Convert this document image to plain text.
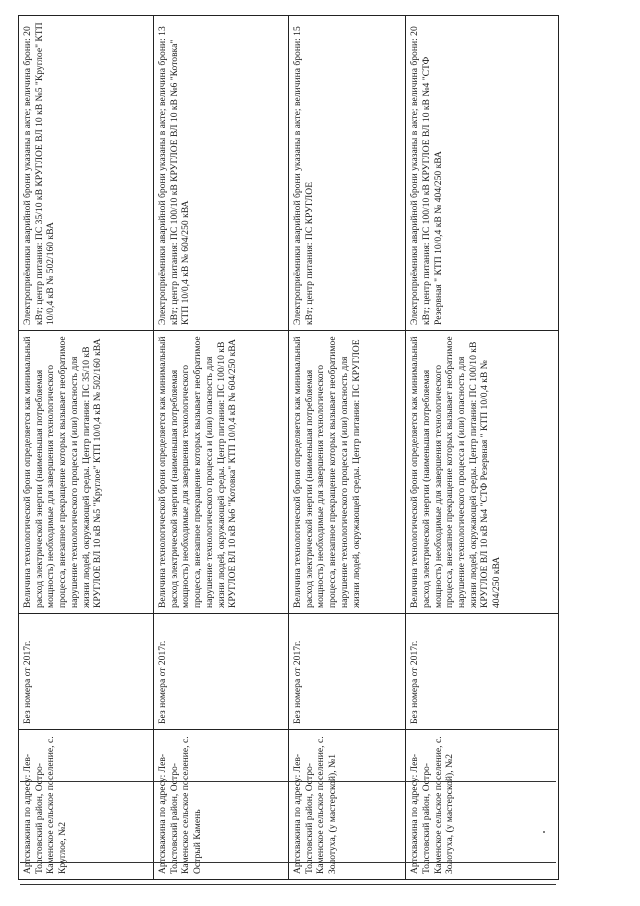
Артскважина по адресу: Лев-Толстовский район, Остро-Каменское сельское поселение, с. Круглое, №2	Без номера от 2017г.	Величина технологической брони определяется как минимальный расход электрической энергии (наименьшая потребляемая мощность) необходимые для завершения технологического процесса, внезапное прекращение которых вызывает необратимое нарушение технологического процесса и (или) опасность для жизни людей, окружающей среды. Центр питания: ПС 35/10 кВ КРУГЛОЕ ВЛ 10 кВ №5 "Круглое" КТП 10/0,4 кВ № 502/160 кВА	Электроприёмники аварийной брони указаны в акте; величина брони: 20 кВт; центр питания: ПС 35/10 кВ КРУГЛОЕ ВЛ 10 кВ №5 "Круглое" КТП 10/0,4 кВ № 502/160 кВА
Артскважина по адресу: Лев-Толстовский район, Остро-Каменское сельское поселение, с. Острый Камень	Без номера от 2017г.	Величина технологической брони определяется как минимальный расход электрической энергии (наименьшая потребляемая мощность) необходимые для завершения технологического процесса, внезапное прекращение которых вызывает необратимое нарушение технологического процесса и (или) опасность для жизни людей, окружающей среды. Центр питания: ПС 100/10 кВ КРУГЛОЕ ВЛ 10 кВ №6 "Котовка" КТП 10/0,4 кВ № 604/250 кВА	Электроприёмники аварийной брони указаны в акте; величина брони: 13 кВт; центр питания: ПС 100/10 кВ КРУГЛОЕ ВЛ 10 кВ №6 "Котовка" КТП 10/0,4 кВ № 604/250 кВА
Артскважина по адресу: Лев-Толстовский район, Остро-Каменское сельское поселение, с. Золотуха, (у мастерской), №1	Без номера от 2017г.	Величина технологической брони определяется как минимальный расход электрической энергии (наименьшая потребляемая мощность) необходимые для завершения технологического процесса, внезапное прекращение которых вызывает необратимое нарушение технологического процесса и (или) опасность для жизни людей, окружающей среды. Центр питания: ПС КРУГЛОЕ	Электроприёмники аварийной брони указаны в акте; величина брони: 15 кВт; центр питания: ПС КРУГЛОЕ
Артскважина по адресу: Лев-Толстовский район, Остро-Каменское сельское поселение, с. Золотуха, (у мастерской), №2	Без номера от 2017г.	Величина технологической брони определяется как минимальный расход электрической энергии (наименьшая потребляемая мощность) необходимые для завершения технологического процесса, внезапное прекращение которых вызывает необратимое нарушение технологического процесса и (или) опасность для жизни людей, окружающей среды. Центр питания: ПС 100/10 кВ КРУГЛОЕ ВЛ 10 кВ №4 "СТФ Резервная " КТП 10/0,4 кВ № 404/250 кВА	Электроприёмники аварийной брони указаны в акте; величина брони: 20 кВт; центр питания: ПС 100/10 кВ КРУГЛОЕ ВЛ 10 кВ №4 "СТФ Резервная " КТП 10/0,4 кВ № 404/250 кВА
